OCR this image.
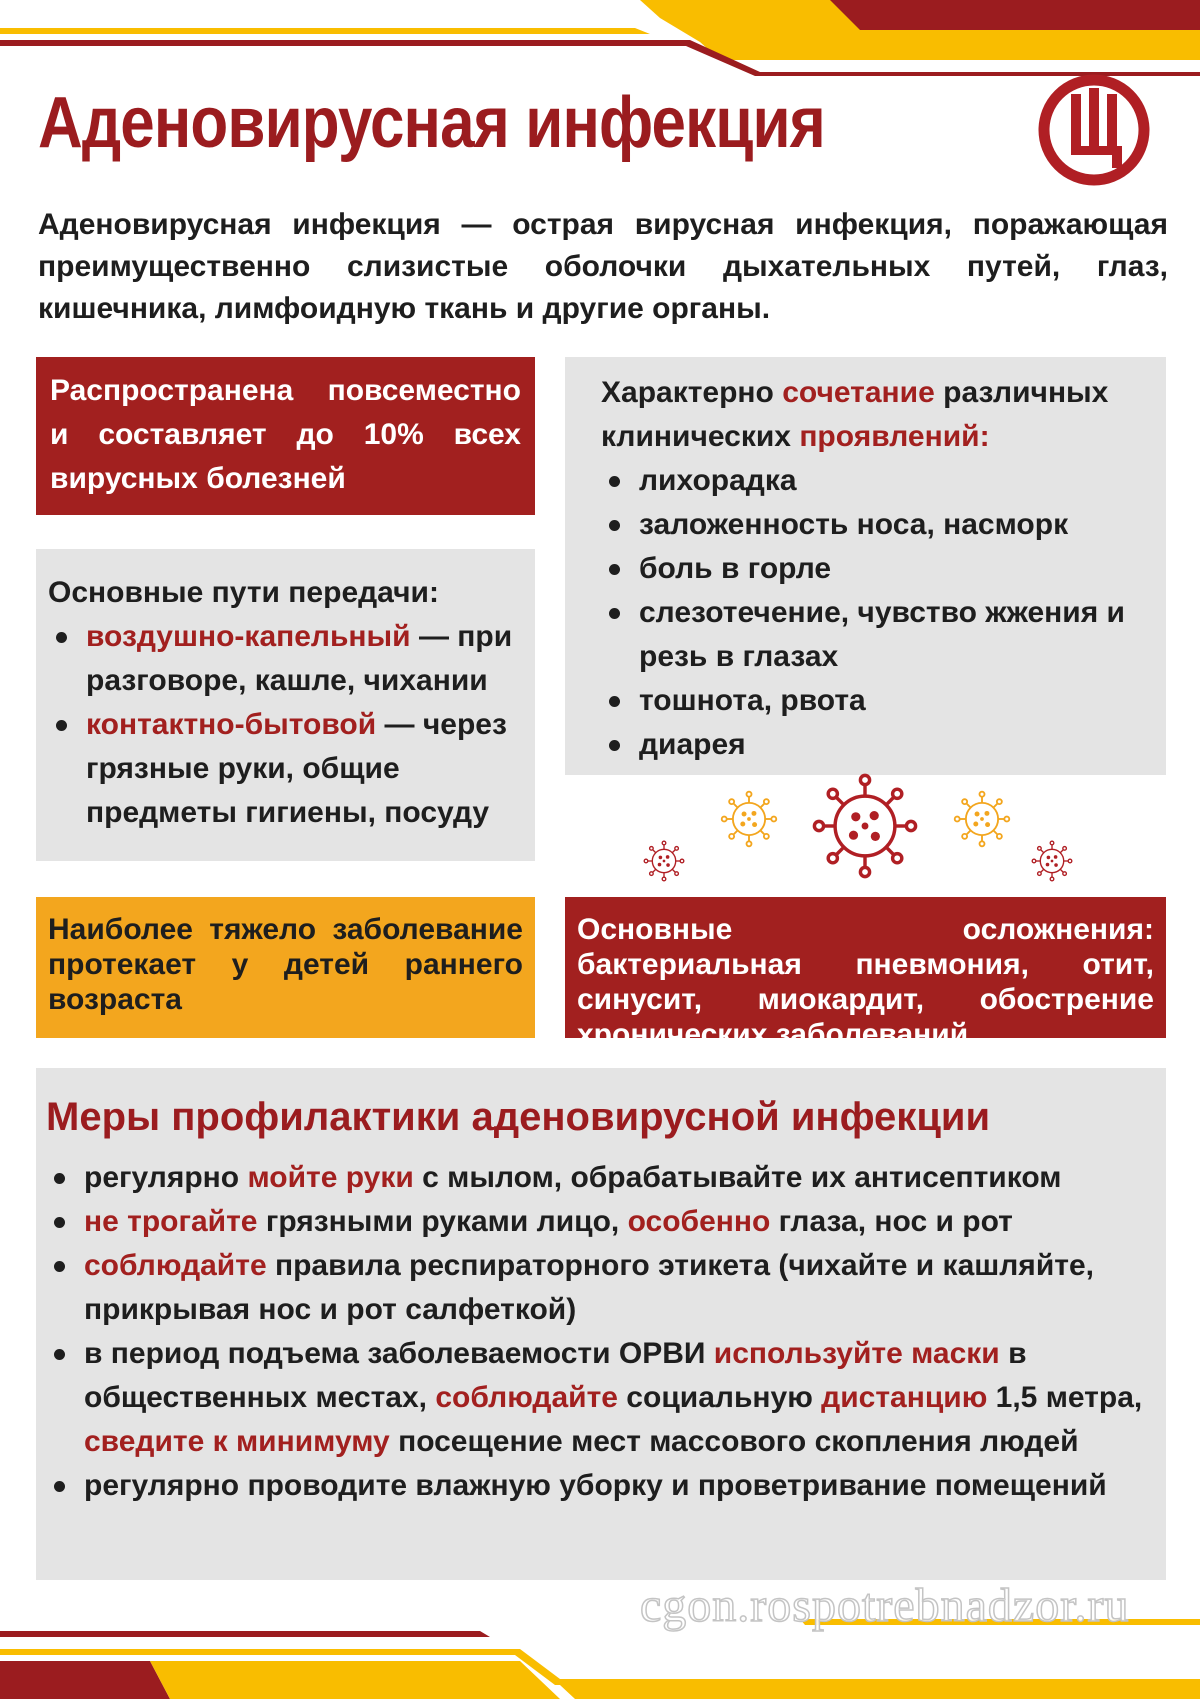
Аденовирусная инфекция
Аденовирусная инфекция — острая вирусная инфекция, поражающая преимущественно слизистые оболочки дыхательных путей, глаз, кишечника, лимфоидную ткань и другие органы.
Распространена повсеместно и составляет до 10% всех вирусных болезней
Основные пути передачи:
воздушно-капельный — при разговоре, кашле, чихании
контактно-бытовой — через грязные руки, общие предметы гигиены, посуду
Характерно сочетание различных клинических проявлений:
лихорадка
заложенность носа, насморк
боль в горле
слезотечение, чувство жжения и резь в глазах
тошнота, рвота
диарея
Наиболее тяжело заболевание протекает у детей раннего возраста
Основные осложнения: бактериальная пневмония, отит, синусит, миокардит, обострение хронических заболеваний
Меры профилактики аденовирусной инфекции
регулярно мойте руки с мылом, обрабатывайте их антисептиком
не трогайте грязными руками лицо, особенно глаза, нос и рот
соблюдайте правила респираторного этикета (чихайте и кашляйте, прикрывая нос и рот салфеткой)
в период подъема заболеваемости ОРВИ используйте маски в общественных местах, соблюдайте социальную дистанцию 1,5 метра, сведите к минимуму посещение мест массового скопления людей
регулярно проводите влажную уборку и проветривание помещений
cgon.rospotrebnadzor.ru
